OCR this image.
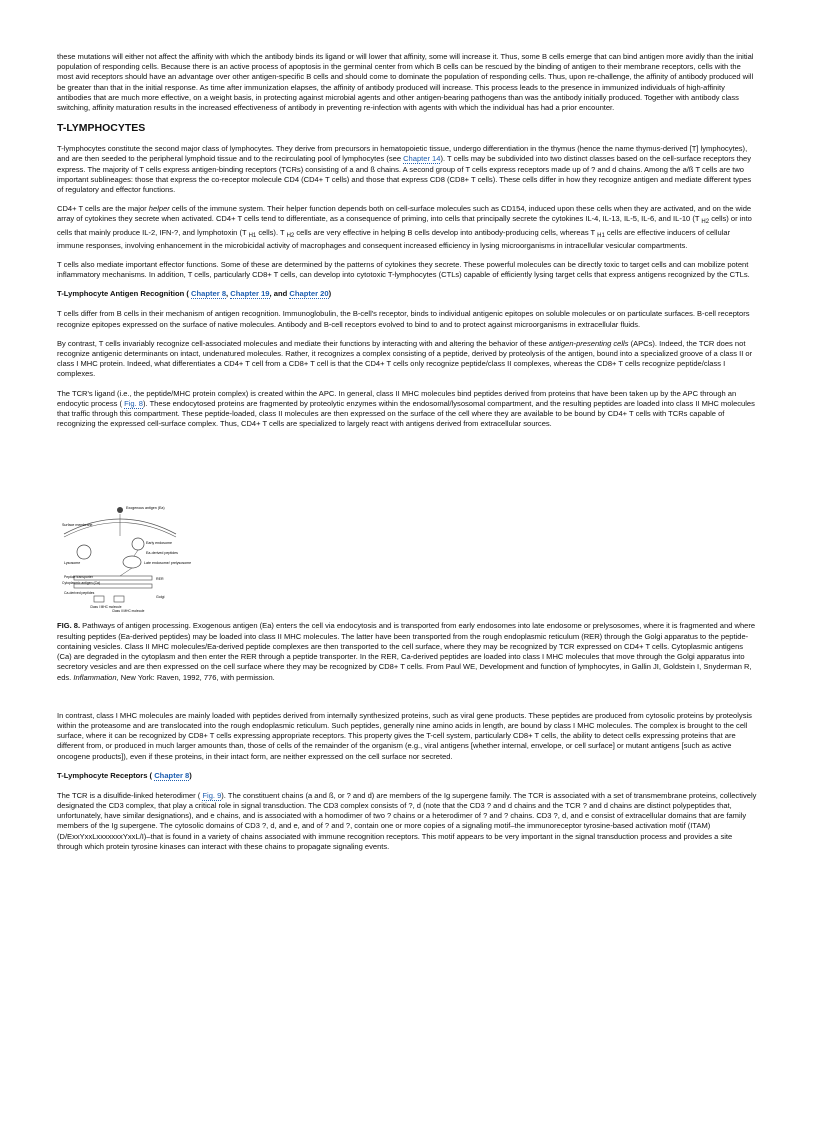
these mutations will either not affect the affinity with which the antibody binds its ligand or will lower that affinity, some will increase it. Thus, some B cells emerge that can bind antigen more avidly than the initial population of responding cells. Because there is an active process of apoptosis in the germinal center from which B cells can be rescued by the binding of antigen to their membrane receptors, cells with the most avid receptors should have an advantage over other antigen-specific B cells and should come to dominate the population of responding cells. Thus, upon re-challenge, the affinity of antibody produced will be greater than that in the initial response. As time after immunization elapses, the affinity of antibody produced will increase. This process leads to the presence in immunized individuals of high-affinity antibodies that are much more effective, on a weight basis, in protecting against microbial agents and other antigen-bearing pathogens than was the antibody initially produced. Together with antibody class switching, affinity maturation results in the increased effectiveness of antibody in preventing re-infection with agents with which the individual has had a prior encounter.

T-LYMPHOCYTES

T-lymphocytes constitute the second major class of lymphocytes. They derive from precursors in hematopoietic tissue, undergo differentiation in the thymus (hence the name thymus-derived [T] lymphocytes), and are then seeded to the peripheral lymphoid tissue and to the recirculating pool of lymphocytes (see Chapter 14). T cells may be subdivided into two distinct classes based on the cell-surface receptors they express. The majority of T cells express antigen-binding receptors (TCRs) consisting of a and ß chains. A second group of T cells express receptors made up of ? and d chains. Among the a/ß T cells are two important sublineages: those that express the co-receptor molecule CD4 (CD4+ T cells) and those that express CD8 (CD8+ T cells). These cells differ in how they recognize antigen and mediate different types of regulatory and effector functions.

CD4+ T cells are the major helper cells of the immune system. Their helper function depends both on cell-surface molecules such as CD154, induced upon these cells when they are activated, and on the wide array of cytokines they secrete when activated. CD4+ T cells tend to differentiate, as a consequence of priming, into cells that principally secrete the cytokines IL-4, IL-13, IL-5, IL-6, and IL-10 (T $_{H2}$ cells) or into cells that mainly produce IL-2, IFN-?, and lymphotoxin (T $_{H1}$ cells). T $_{H2}$ cells are very effective in helping B cells develop into antibody-producing cells, whereas T $_{H1}$ cells are effective inducers of cellular immune responses, involving enhancement in the microbicidal activity of macrophages and consequent increased efficiency in lysing microorganisms in intracellular vesicular compartments.

T cells also mediate important effector functions. Some of these are determined by the patterns of cytokines they secrete. These powerful molecules can be directly toxic to target cells and can mobilize potent inflammatory mechanisms. In addition, T cells, particularly CD8+ T cells, can develop into cytotoxic T-lymphocytes (CTLs) capable of efficiently lysing target cells that express antigens recognized by the CTLs.

T-Lymphocyte Antigen Recognition ( Chapter 8, Chapter 19, and Chapter 20)

T cells differ from B cells in their mechanism of antigen recognition. Immunoglobulin, the B-cell's receptor, binds to individual antigenic epitopes on soluble molecules or on particulate surfaces. B-cell receptors recognize epitopes expressed on the surface of native molecules. Antibody and B-cell receptors evolved to bind to and to protect against microorganisms in extracellular fluids.

By contrast, T cells invariably recognize cell-associated molecules and mediate their functions by interacting with and altering the behavior of these antigen-presenting cells (APCs). Indeed, the TCR does not recognize antigenic determinants on intact, undenatured molecules. Rather, it recognizes a complex consisting of a peptide, derived by proteolysis of the antigen, bound into a specialized groove of a class II or class I MHC protein. Indeed, what differentiates a CD4+ T cell from a CD8+ T cell is that the CD4+ T cells only recognize peptide/class II complexes, whereas the CD8+ T cells recognize peptide/class I complexes.

The TCR's ligand (i.e., the peptide/MHC protein complex) is created within the APC. In general, class II MHC molecules bind peptides derived from proteins that have been taken up by the APC through an endocytic process ( Fig. 8). These endocytosed proteins are fragmented by proteolytic enzymes within the endosomal/lysosomal compartment, and the resulting peptides are loaded into class II MHC molecules that traffic through this compartment. These peptide-loaded, class II molecules are then expressed on the surface of the cell where they are available to be bound by CD4+ T cells with TCRs capable of recognizing the expressed cell-surface complex. Thus, CD4+ T cells are specialized to largely react with antigens derived from extracellular sources.

Exogenous antigen (Ea)
Surface membrane
Early endosome
Ea-derived peptides
Late endosome/ prelysosome
Lysosome
Peptide transporter
Cytoplasmic antigen (Ca)
RER
Ca-derived peptides
Class I MHC molecule
Class II MHC molecule
Golgi

FIG. 8. Pathways of antigen processing. Exogenous antigen (Ea) enters the cell via endocytosis and is transported from early endosomes into late endosome or prelysosomes, where it is fragmented and where resulting peptides (Ea-derived peptides) may be loaded into class II MHC molecules. The latter have been transported from the rough endoplasmic reticulum (RER) through the Golgi apparatus to the peptide-containing vesicles. Class II MHC molecules/Ea-derived peptide complexes are then transported to the cell surface, where they may be recognized by TCR expressed on CD4+ T cells. Cytoplasmic antigens (Ca) are degraded in the cytoplasm and then enter the RER through a peptide transporter. In the RER, Ca-derived peptides are loaded into class I MHC molecules that move through the Golgi apparatus into secretory vesicles and are then expressed on the cell surface where they may be recognized by CD8+ T cells. From Paul WE, Development and function of lymphocytes, in Gallin JI, Goldstein I, Snyderman R, eds. Inflammation, New York: Raven, 1992, 776, with permission.

In contrast, class I MHC molecules are mainly loaded with peptides derived from internally synthesized proteins, such as viral gene products. These peptides are produced from cytosolic proteins by proteolysis within the proteasome and are translocated into the rough endoplasmic reticulum. Such peptides, generally nine amino acids in length, are bound by class I MHC molecules. The complex is brought to the cell surface, where it can be recognized by CD8+ T cells expressing appropriate receptors. This property gives the T-cell system, particularly CD8+ T cells, the ability to detect cells expressing proteins that are different from, or produced in much larger amounts than, those of cells of the remainder of the organism (e.g., viral antigens [whether internal, envelope, or cell surface] or mutant antigens [such as active oncogene products]), even if these proteins, in their intact form, are neither expressed on the cell surface nor secreted.

T-Lymphocyte Receptors ( Chapter 8)

The TCR is a disulfide-linked heterodimer ( Fig. 9). The constituent chains (a and ß, or ? and d) are members of the Ig supergene family. The TCR is associated with a set of transmembrane proteins, collectively designated the CD3 complex, that play a critical role in signal transduction. The CD3 complex consists of ?, d (note that the CD3 ? and d chains and the TCR ? and d chains are distinct polypeptides that, unfortunately, have similar designations), and e chains, and is associated with a homodimer of two ? chains or a heterodimer of ? and ? chains. CD3 ?, d, and e consist of extracellular domains that are family members of the Ig supergene. The cytosolic domains of CD3 ?, d, and e, and of ? and ?, contain one or more copies of a signaling motif–the immunoreceptor tyrosine-based activation motif (ITAM) (D/ExxYxxLxxxxxxxYxxL/I)–that is found in a variety of chains associated with immune recognition receptors. This motif appears to be very important in the signal transduction process and provides a site through which protein tyrosine kinases can interact with these chains to propagate signaling events.
